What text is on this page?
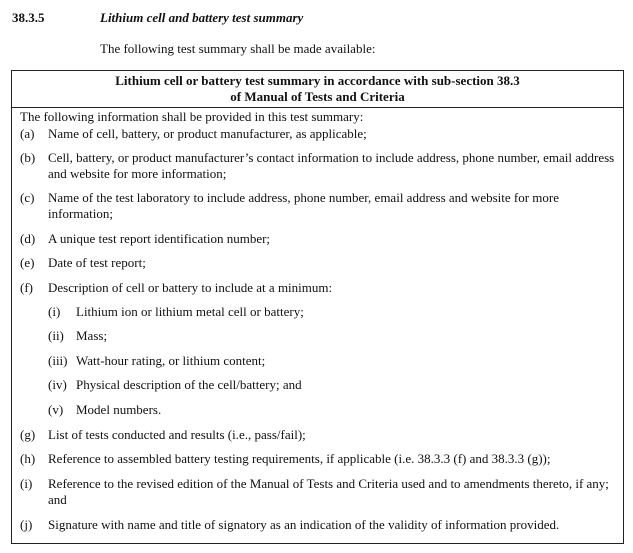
38.3.5	Lithium cell and battery test summary
The following test summary shall be made available:
Lithium cell or battery test summary in accordance with sub-section 38.3
of Manual of Tests and Criteria
The following information shall be provided in this test summary:
(a) Name of cell, battery, or product manufacturer, as applicable;
(b) Cell, battery, or product manufacturer’s contact information to include address, phone number, email address and website for more information;
(c) Name of the test laboratory to include address, phone number, email address and website for more information;
(d) A unique test report identification number;
(e) Date of test report;
(f) Description of cell or battery to include at a minimum:
(i) Lithium ion or lithium metal cell or battery;
(ii) Mass;
(iii) Watt-hour rating, or lithium content;
(iv) Physical description of the cell/battery; and
(v) Model numbers.
(g) List of tests conducted and results (i.e., pass/fail);
(h) Reference to assembled battery testing requirements, if applicable (i.e. 38.3.3 (f) and 38.3.3 (g));
(i) Reference to the revised edition of the Manual of Tests and Criteria used and to amendments thereto, if any; and
(j) Signature with name and title of signatory as an indication of the validity of information provided.
